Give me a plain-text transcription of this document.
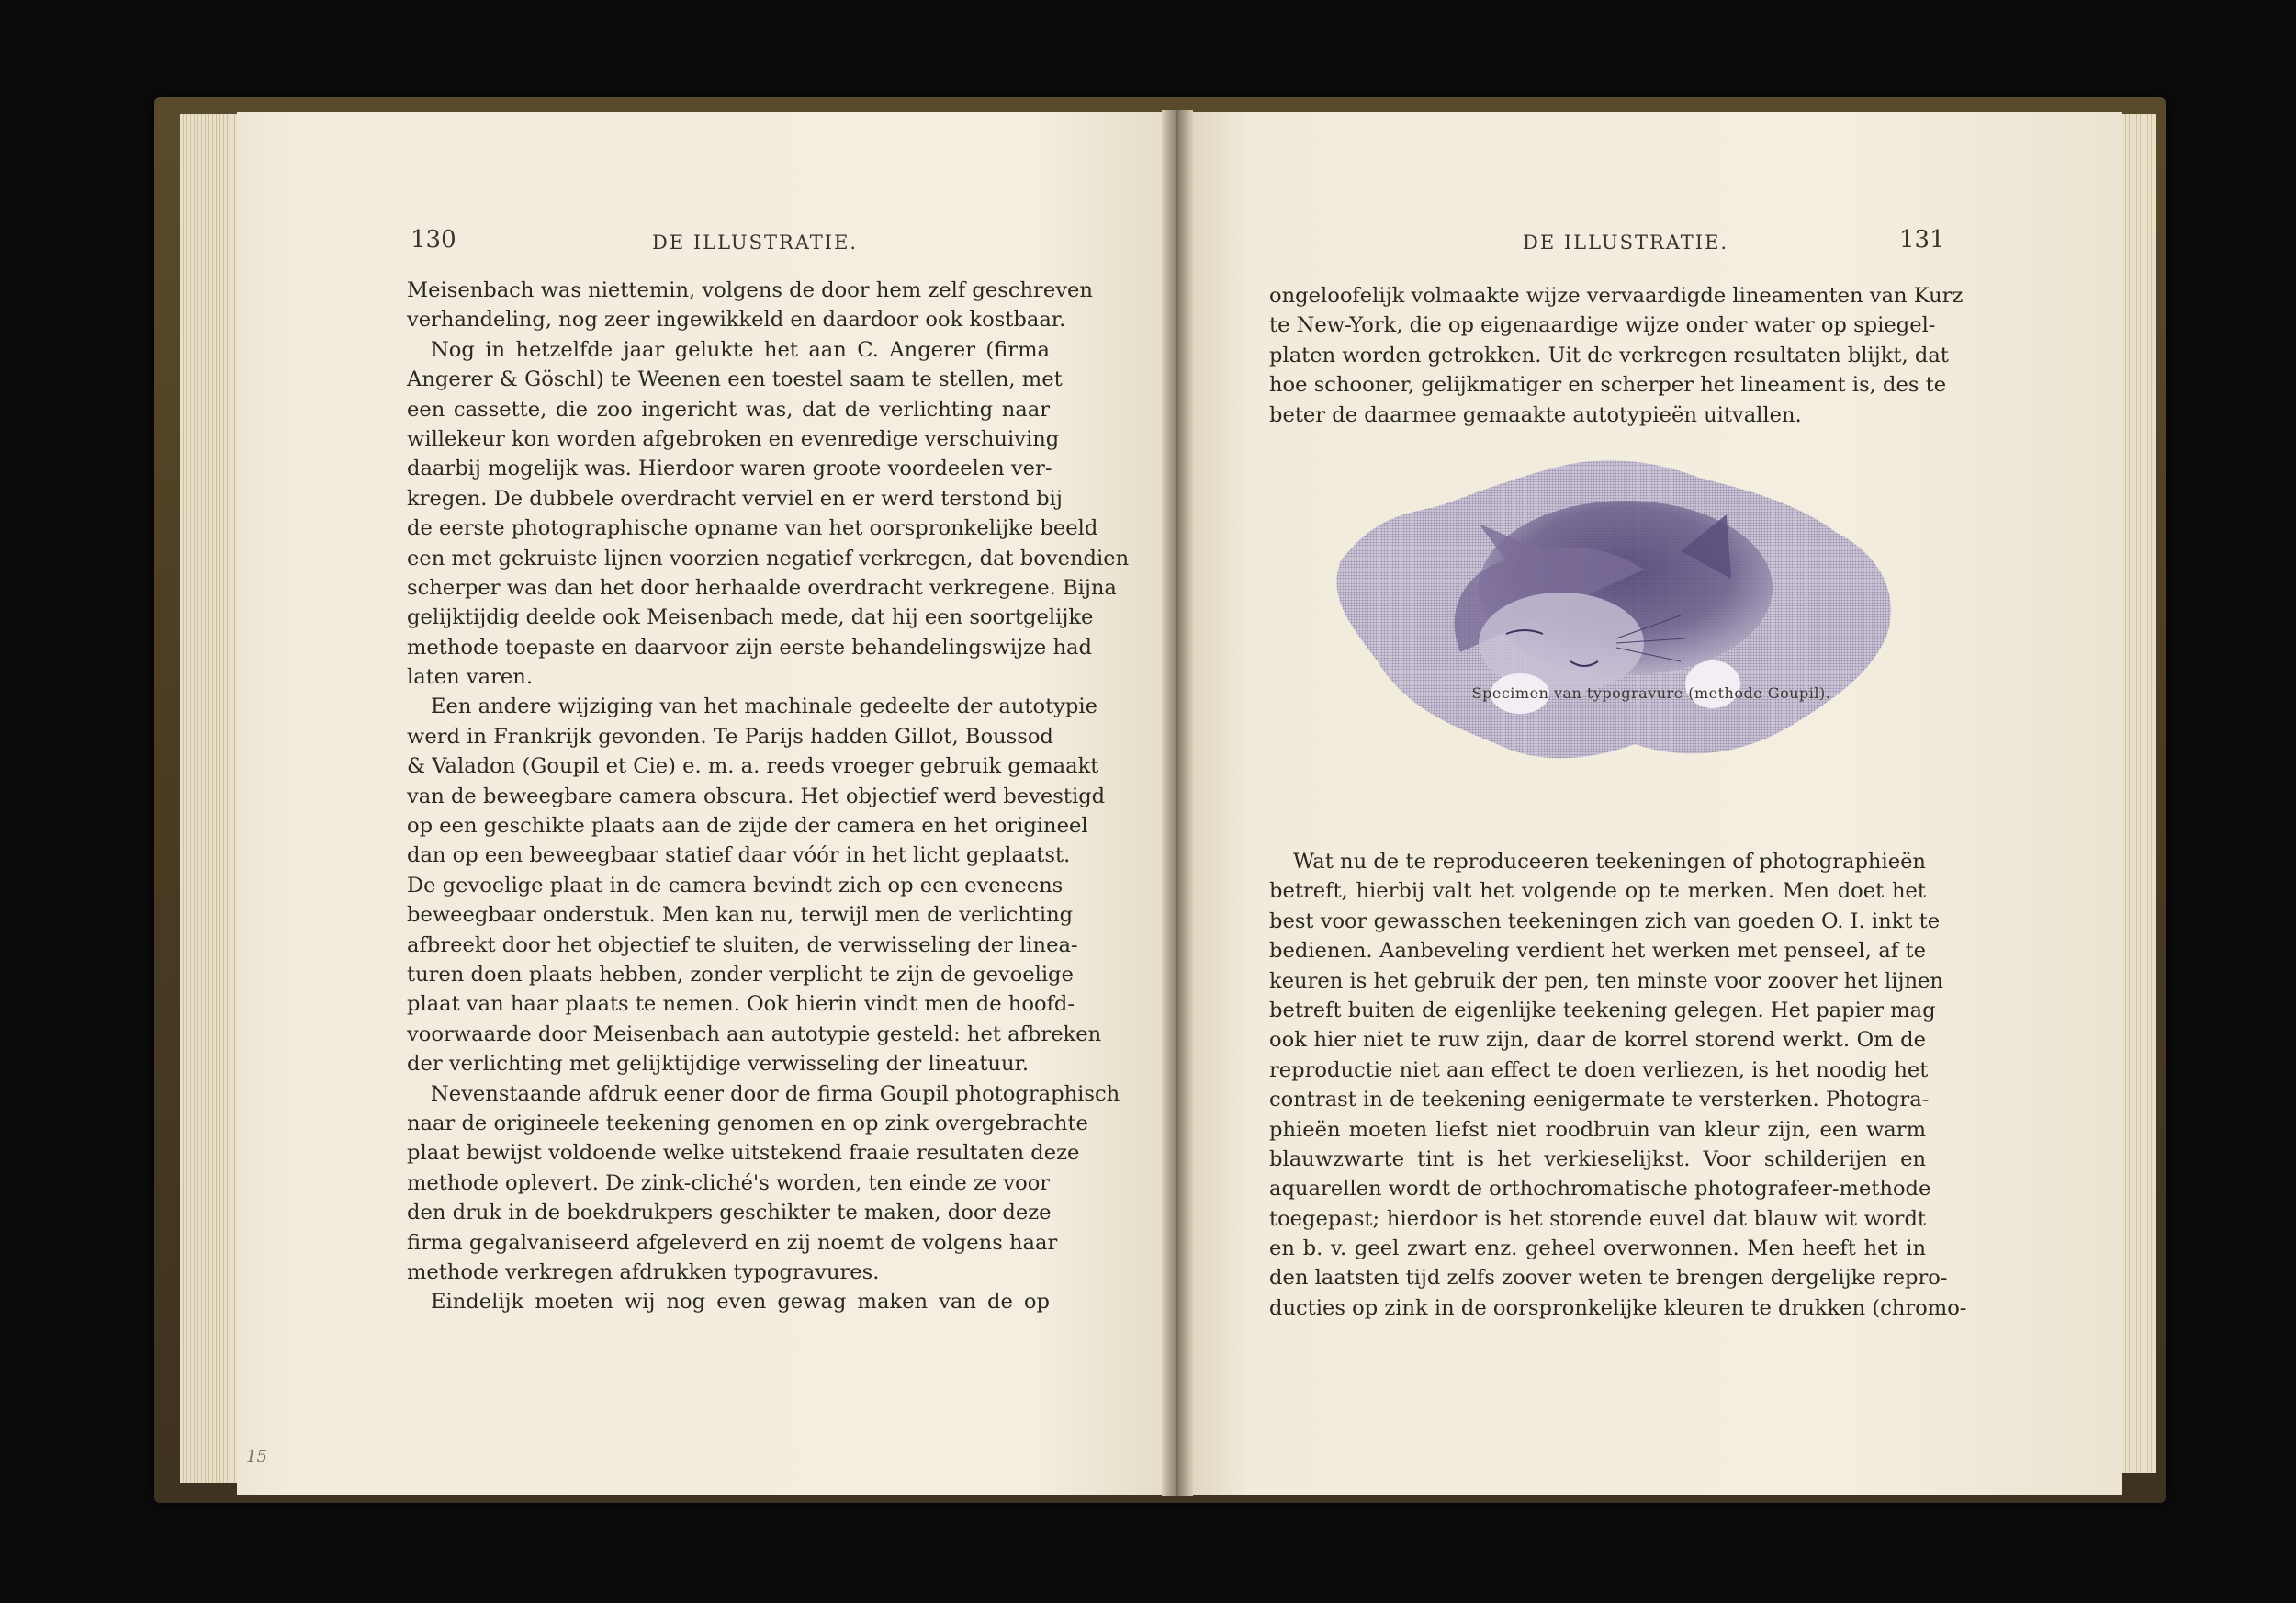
130	DE ILLUSTRATIE.
Meisenbach was niettemin, volgens de door hem zelf geschreven
verhandeling, nog zeer ingewikkeld en daardoor ook kostbaar.
Nog in hetzelfde jaar gelukte het aan C. Angerer (firma
Angerer & Göschl) te Weenen een toestel saam te stellen, met
een cassette, die zoo ingericht was, dat de verlichting naar
willekeur kon worden afgebroken en evenredige verschuiving
daarbij mogelijk was. Hierdoor waren groote voordeelen ver-
kregen. De dubbele overdracht verviel en er werd terstond bij
de eerste photographische opname van het oorspronkelijke beeld
een met gekruiste lijnen voorzien negatief verkregen, dat bovendien
scherper was dan het door herhaalde overdracht verkregene. Bijna
gelijktijdig deelde ook Meisenbach mede, dat hij een soortgelijke
methode toepaste en daarvoor zijn eerste behandelingswijze had
laten varen.
Een andere wijziging van het machinale gedeelte der autotypie
werd in Frankrijk gevonden. Te Parijs hadden Gillot, Boussod
& Valadon (Goupil et Cie) e. m. a. reeds vroeger gebruik gemaakt
van de beweegbare camera obscura. Het objectief werd bevestigd
op een geschikte plaats aan de zijde der camera en het origineel
dan op een beweegbaar statief daar vóór in het licht geplaatst.
De gevoelige plaat in de camera bevindt zich op een eveneens
beweegbaar onderstuk. Men kan nu, terwijl men de verlichting
afbreekt door het objectief te sluiten, de verwisseling der linea-
turen doen plaats hebben, zonder verplicht te zijn de gevoelige
plaat van haar plaats te nemen. Ook hierin vindt men de hoofd-
voorwaarde door Meisenbach aan autotypie gesteld: het afbreken
der verlichting met gelijktijdige verwisseling der lineatuur.
Nevenstaande afdruk eener door de firma Goupil photographisch
naar de origineele teekening genomen en op zink overgebrachte
plaat bewijst voldoende welke uitstekend fraaie resultaten deze
methode oplevert. De zink-cliché's worden, ten einde ze voor
den druk in de boekdrukpers geschikter te maken, door deze
firma gegalvaniseerd afgeleverd en zij noemt de volgens haar
methode verkregen afdrukken typogravures.
Eindelijk moeten wij nog even gewag maken van de op
15
DE ILLUSTRATIE.	131
ongeloofelijk volmaakte wijze vervaardigde lineamenten van Kurz
te New-York, die op eigenaardige wijze onder water op spiegel-
platen worden getrokken. Uit de verkregen resultaten blijkt, dat
hoe schooner, gelijkmatiger en scherper het lineament is, des te
beter de daarmee gemaakte autotypieën uitvallen.
Specimen van typogravure (methode Goupil).
Wat nu de te reproduceeren teekeningen of photographieën
betreft, hierbij valt het volgende op te merken. Men doet het
best voor gewasschen teekeningen zich van goeden O. I. inkt te
bedienen. Aanbeveling verdient het werken met penseel, af te
keuren is het gebruik der pen, ten minste voor zoover het lijnen
betreft buiten de eigenlijke teekening gelegen. Het papier mag
ook hier niet te ruw zijn, daar de korrel storend werkt. Om de
reproductie niet aan effect te doen verliezen, is het noodig het
contrast in de teekening eenigermate te versterken. Photogra-
phieën moeten liefst niet roodbruin van kleur zijn, een warm
blauwzwarte tint is het verkieselijkst. Voor schilderijen en
aquarellen wordt de orthochromatische photografeer-methode
toegepast; hierdoor is het storende euvel dat blauw wit wordt
en b. v. geel zwart enz. geheel overwonnen. Men heeft het in
den laatsten tijd zelfs zoover weten te brengen dergelijke repro-
ducties op zink in de oorspronkelijke kleuren te drukken (chromo-
